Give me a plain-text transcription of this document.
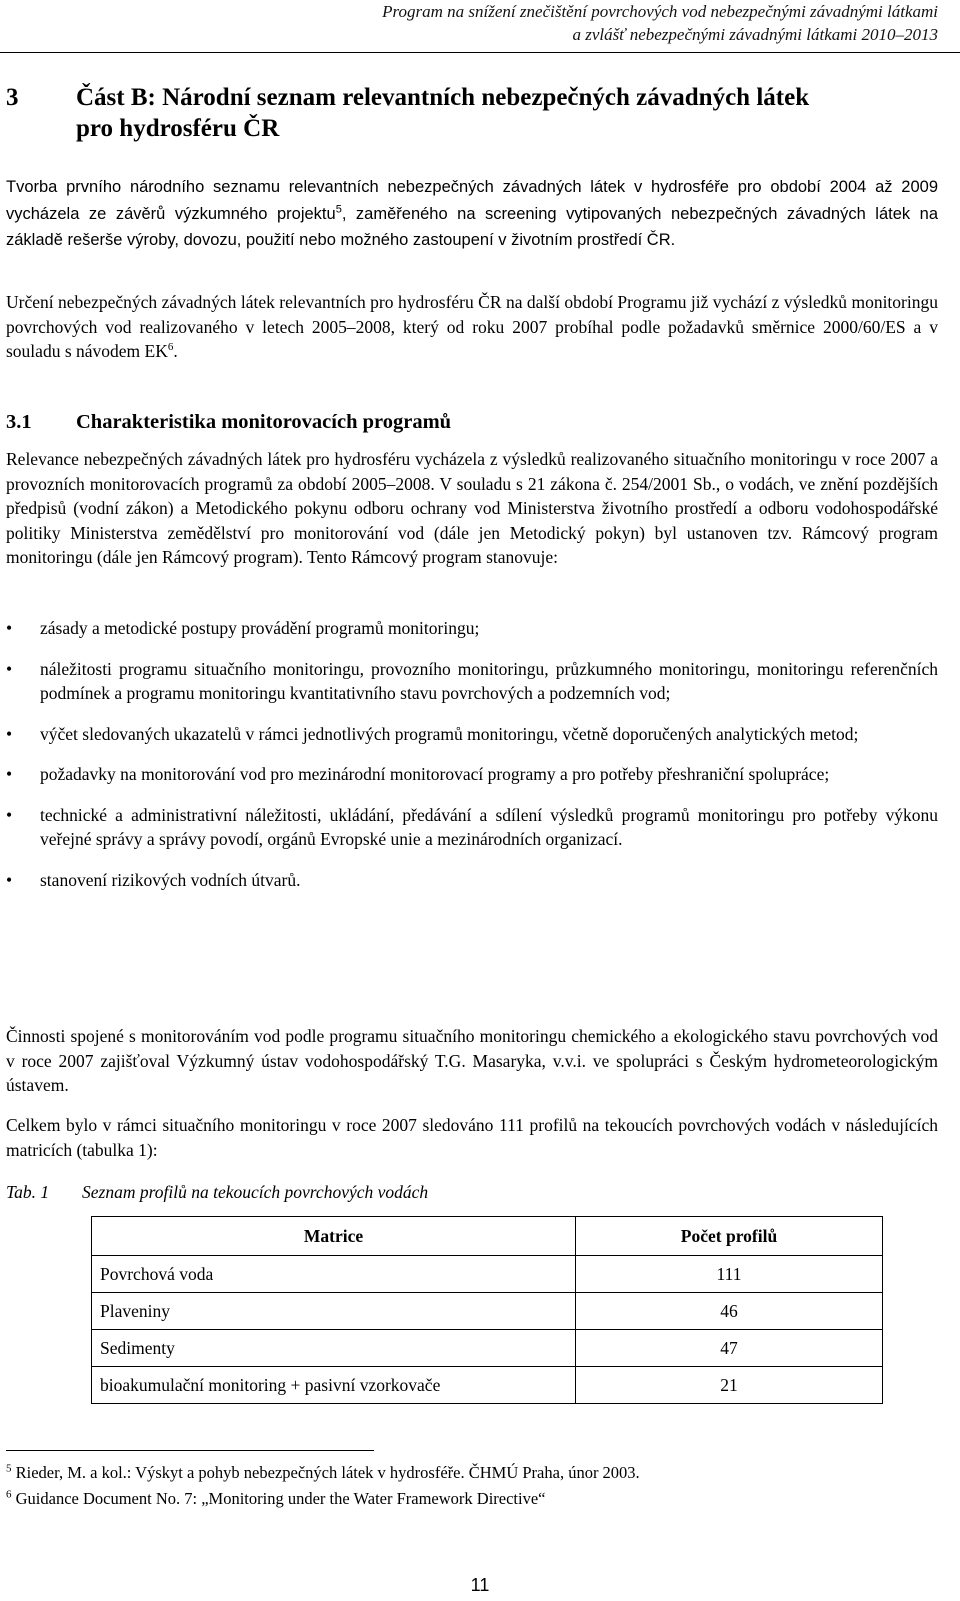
Program na snížení znečištění povrchových vod nebezpečnými závadnými látkami
a zvlášť nebezpečnými závadnými látkami 2010–2013
3	Část B: Národní seznam relevantních nebezpečných závadných látek
pro hydrosféru ČR

Tvorba prvního národního seznamu relevantních nebezpečných závadných látek v hydrosféře pro období 2004 až 2009 vycházela ze závěrů výzkumného projektu$^5$, zaměřeného na screening vytipovaných nebezpečných závadných látek na základě rešerše výroby, dovozu, použití nebo možného zastoupení v životním prostředí ČR.

Určení nebezpečných závadných látek relevantních pro hydrosféru ČR na další období Programu již vychází z výsledků monitoringu povrchových vod realizovaného v letech 2005–2008, který od roku 2007 probíhal podle požadavků směrnice 2000/60/ES a v souladu s návodem $EK^6$.

3.1	Charakteristika monitorovacích programů

Relevance nebezpečných závadných látek pro hydrosféru vycházela z výsledků realizovaného situačního monitoringu v roce 2007 a provozních monitorovacích programů za období 2005–2008. V souladu s 21 zákona č. 254/2001 Sb., o vodách, ve znění pozdějších předpisů (vodní zákon) a Metodického pokynu odboru ochrany vod Ministerstva životního prostředí a odboru vodohospodářské politiky Ministerstva zemědělství pro monitorování vod (dále jen Metodický pokyn) byl ustanoven tzv. Rámcový program monitoringu (dále jen Rámcový program). Tento Rámcový program stanovuje:

•	zásady a metodické postupy provádění programů monitoringu;
•	náležitosti programu situačního monitoringu, provozního monitoringu, průzkumného monitoringu, monitoringu referenčních podmínek a programu monitoringu kvantitativního stavu povrchových a podzemních vod;
•	výčet sledovaných ukazatelů v rámci jednotlivých programů monitoringu, včetně doporučených analytických metod;
•	požadavky na monitorování vod pro mezinárodní monitorovací programy a pro potřeby přeshraniční spolupráce;
•	technické a administrativní náležitosti, ukládání, předávání a sdílení výsledků programů monitoringu pro potřeby výkonu veřejné správy a správy povodí, orgánů Evropské unie a mezinárodních organizací.
•	stanovení rizikových vodních útvarů.

Činnosti spojené s monitorováním vod podle programu situačního monitoringu chemického a ekologického stavu povrchových vod v roce 2007 zajišťoval Výzkumný ústav vodohospodářský T.G. Masaryka, v.v.i. ve spolupráci s Českým hydrometeorologickým ústavem.

Celkem bylo v rámci situačního monitoringu v roce 2007 sledováno 111 profilů na tekoucích povrchových vodách v následujících matricích (tabulka 1):

Tab. 1	Seznam profilů na tekoucích povrchových vodách
Matrice	Počet profilů
Povrchová voda	111
Plaveniny	46
Sedimenty	47
bioakumulační monitoring + pasivní vzorkovače	21
$^5$ Rieder, M. a kol.: Výskyt a pohyb nebezpečných látek v hydrosféře. ČHMÚ Praha, únor 2003.
$^6$ Guidance Document No. 7: „Monitoring under the Water Framework Directive“
11
